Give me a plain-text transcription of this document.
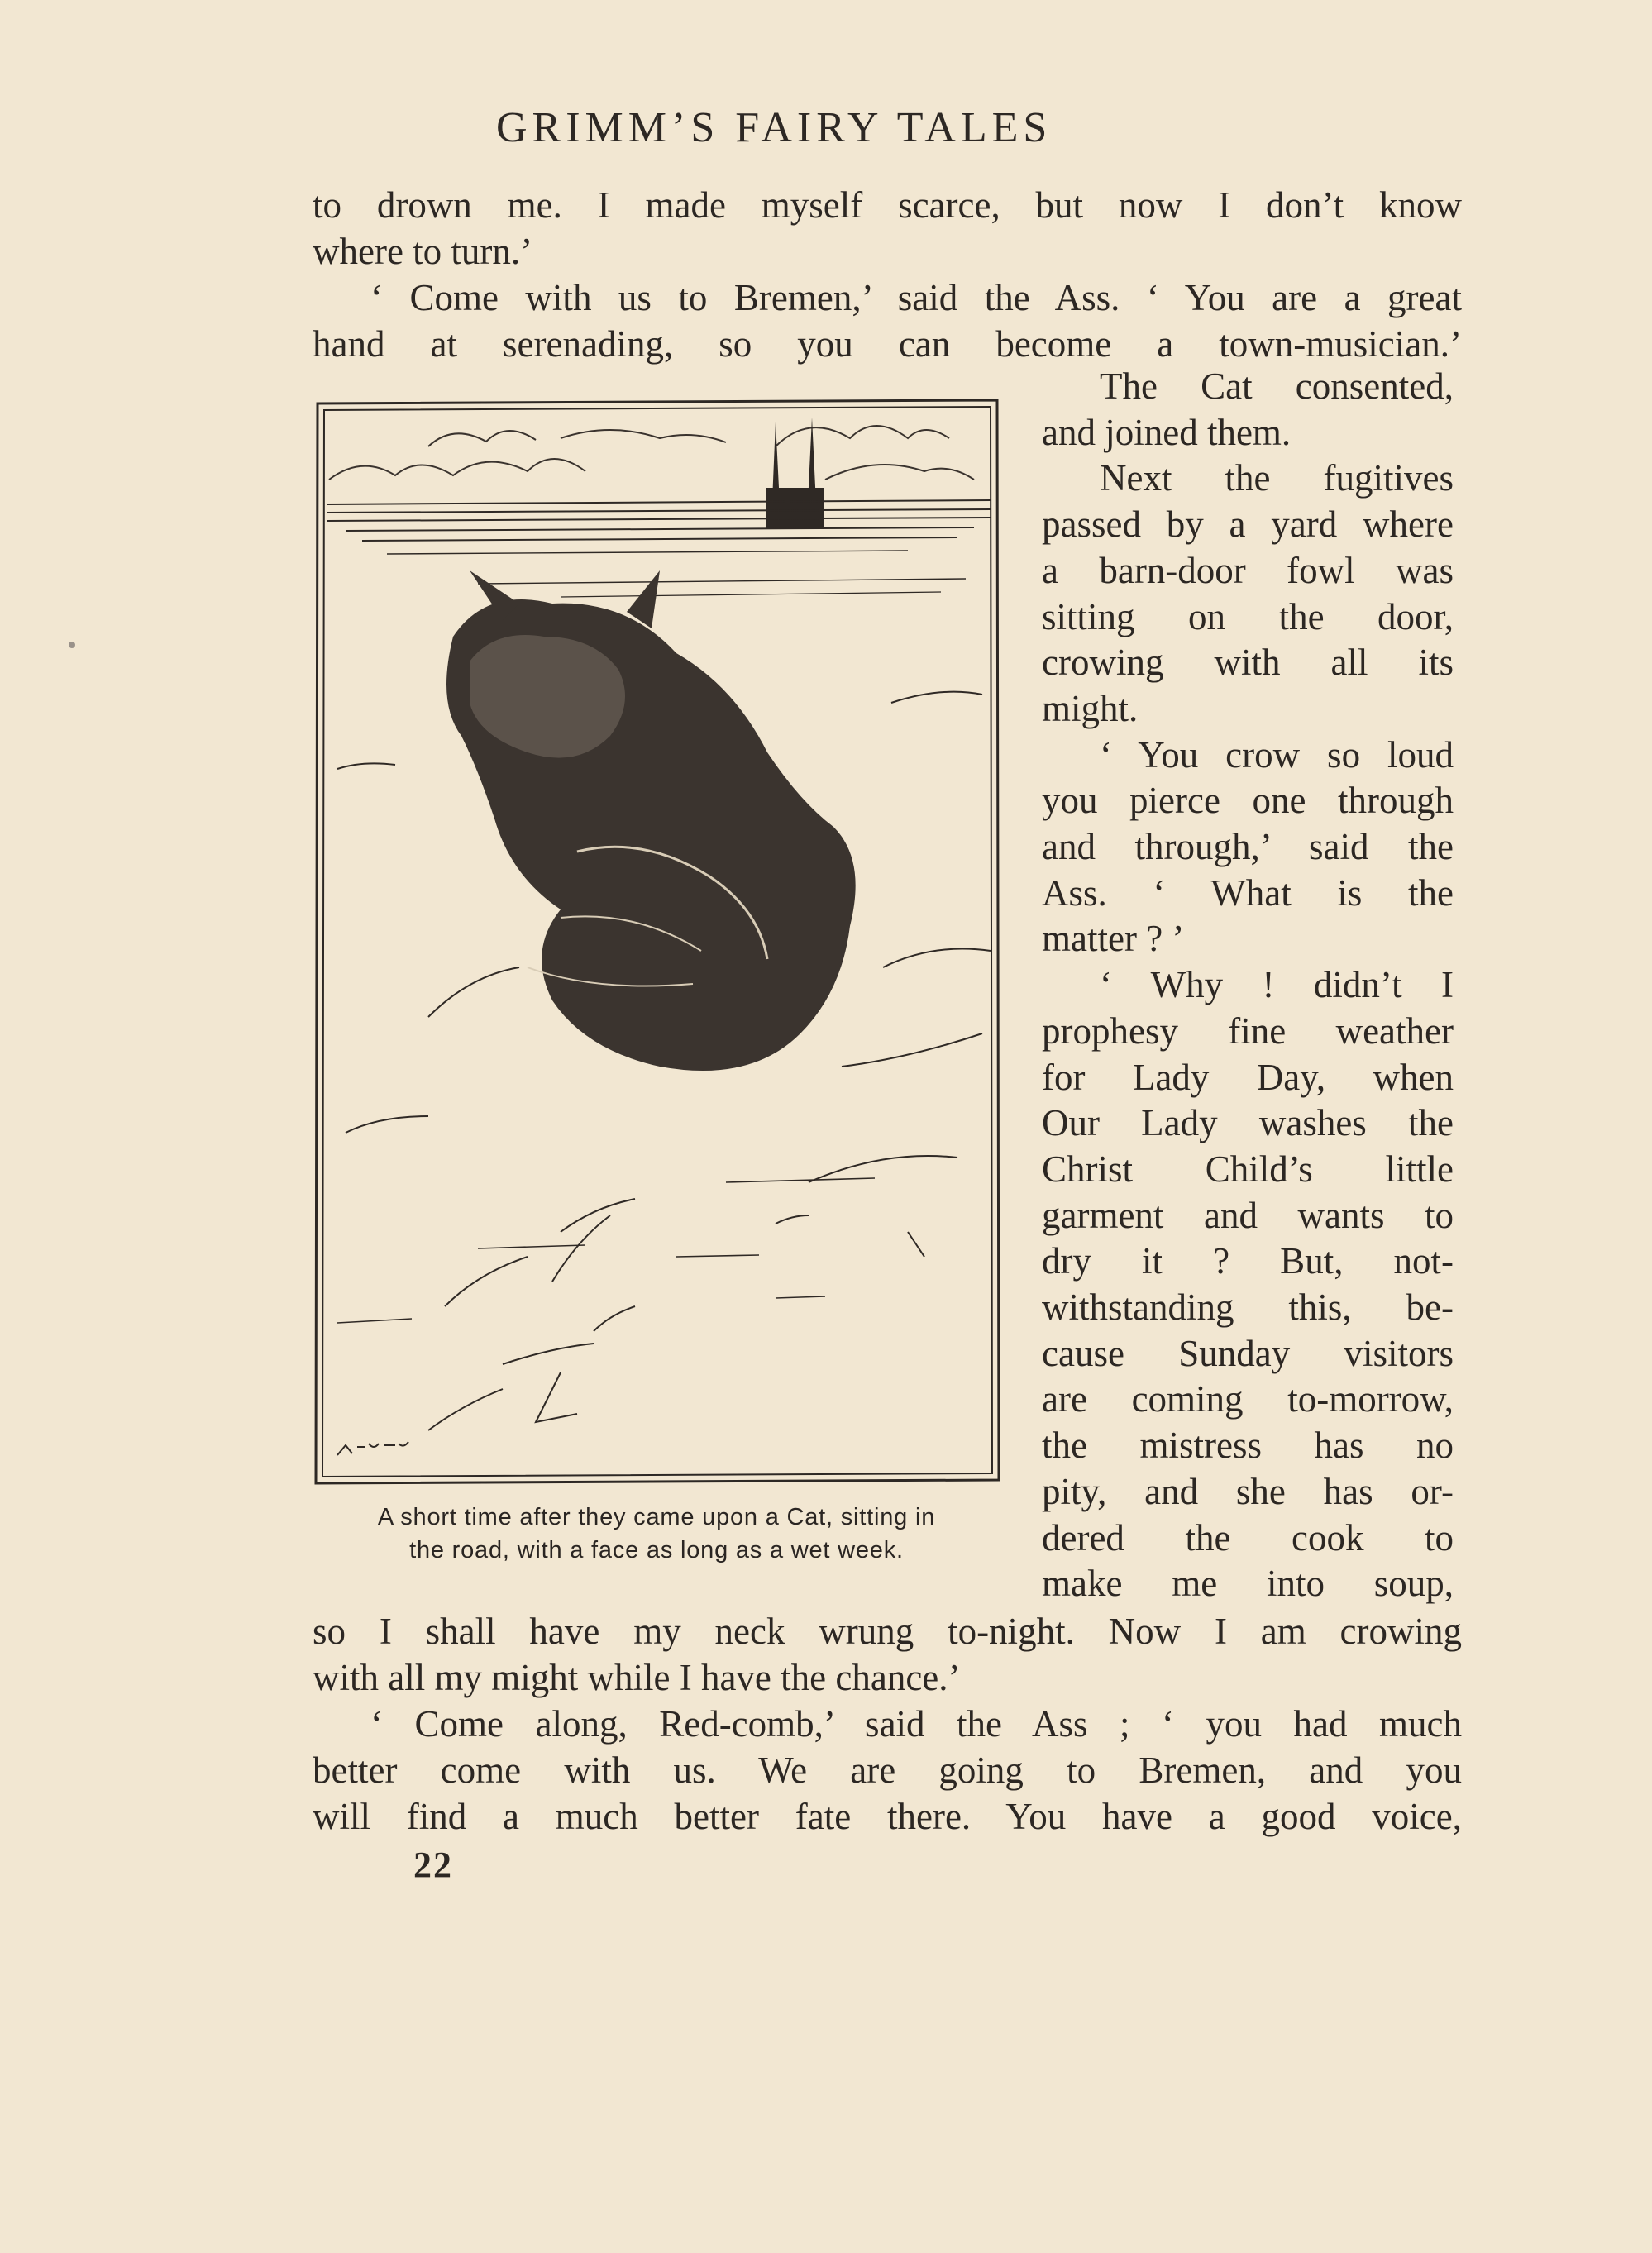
GRIMM’S FAIRY TALES
to drown me. I made myself scarce, but now I don’t know
where to turn.’
‘ Come with us to Bremen,’ said the Ass. ‘ You are a great
hand at serenading, so you can become a town-musician.’
The Cat consented,
and joined them.
Next the fugitives
passed by a yard where
a barn-door fowl was
sitting on the door,
crowing with all its
might.
‘ You crow so loud
you pierce one through
and through,’ said the
Ass. ‘ What is the
matter ? ’
‘ Why ! didn’t I
prophesy fine weather
for Lady Day, when
Our Lady washes the
Christ Child’s little
garment and wants to
dry it ? But, not-
withstanding this, be-
cause Sunday visitors
are coming to-morrow,
the mistress has no
pity, and she has or-
dered the cook to
make me into soup,
A short time after they came upon a Cat, sitting in
the road, with a face as long as a wet week.
so I shall have my neck wrung to-night. Now I am crowing
with all my might while I have the chance.’
‘ Come along, Red-comb,’ said the Ass ; ‘ you had much
better come with us. We are going to Bremen, and you
will find a much better fate there. You have a good voice,
22
